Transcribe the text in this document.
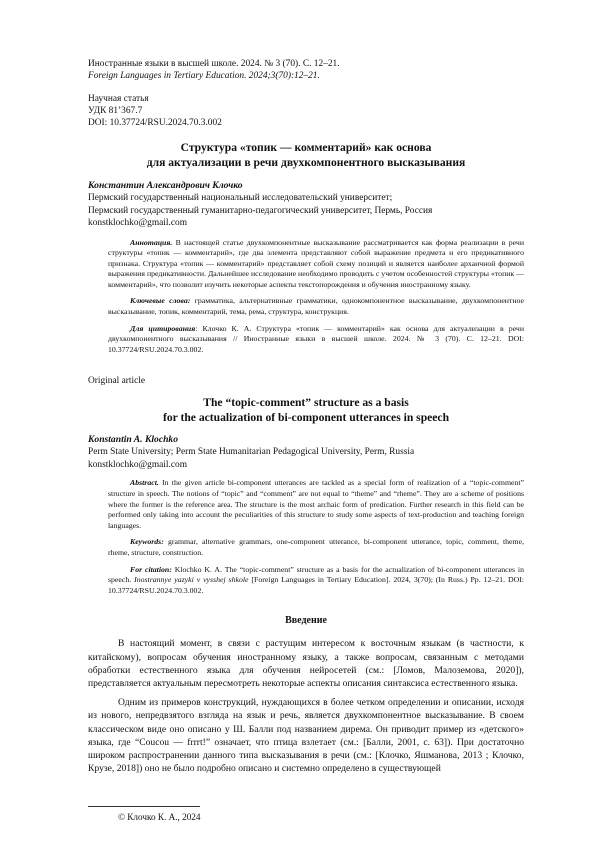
Иностранные языки в высшей школе. 2024. № 3 (70). С. 12–21.
Foreign Languages in Tertiary Education. 2024;3(70):12–21.
Научная статья
УДК 81’367.7
DOI: 10.37724/RSU.2024.70.3.002
Структура «топик — комментарий» как основа
для актуализации в речи двухкомпонентного высказывания
Константин Александрович Клочко
Пермский государственный национальный исследовательский университет;
Пермский государственный гуманитарно-педагогический университет, Пермь, Россия
konstklochko@gmail.com
Аннотация. В настоящей статье двухкомпонентные высказывание рассматривается как форма реализации в речи структуры «топик — комментарий», где два элемента представляют собой выражение предмета и его предикативного признака. Структура «топик — комментарий» представляет собой схему позиций и является наиболее архаичной формой выражения предикативности. Дальнейшее исследование необходимо проводить с учетом особенностей структуры «топик — комментарий», что позволит изучить некоторые аспекты текстопорождения и обучения иностранному языку.
Ключевые слова: грамматика, альтернативные грамматики, однокомпонентное высказывание, двухкомпонентное высказывание, топик, комментарий, тема, рема, структура, конструкция.
Для цитирования: Клочко К. А. Структура «топик — комментарий» как основа для актуализации в речи двухкомпонентного высказывания // Иностранные языки в высшей школе. 2024. № 3 (70). С. 12–21. DOI: 10.37724/RSU.2024.70.3.002.
Original article
The “topic-comment” structure as a basis
for the actualization of bi-component utterances in speech
Konstantin A. Klochko
Perm State University; Perm State Humanitarian Pedagogical University, Perm, Russia
konstklochko@gmail.com
Abstract. In the given article bi-component utterances are tackled as a special form of realization of a “topic-comment” structure in speech. The notions of “topic” and “comment” are not equal to “theme” and “rheme”. They are a scheme of positions where the former is the reference area. The structure is the most archaic form of predication. Further research in this field can be performed only taking into account the peculiarities of this structure to study some aspects of text-production and teaching foreign languages.
Keywords: grammar, alternative grammars, one-component utterance, bi-component utterance, topic, comment, theme, rheme, structure, construction.
For citation: Klochko K. A. The “topic-comment” structure as a basis for the actualization of bi-component utterances in speech. Inostrannye yazyki v vysshej shkole [Foreign Languages in Tertiary Education]. 2024, 3(70); (In Russ.) Pp. 12–21. DOI: 10.37724/RSU.2024.70.3.002.
Введение
В настоящий момент, в связи с растущим интересом к восточным языкам (в частности, к китайскому), вопросам обучения иностранному языку, а также вопросам, связанным с методами обработки естественного языка для обучения нейросетей (см.: [Ломов, Малоземова, 2020]), представляется актуальным пересмотреть некоторые аспекты описания синтаксиса естественного языка.
Одним из примеров конструкций, нуждающихся в более четком определении и описании, исходя из нового, непредвзятого взгляда на язык и речь, является двухкомпонентное высказывание. В своем классическом виде оно описано у Ш. Балли под названием дирема. Он приводит пример из «детского» языка, где “Coucou — frrrt!” означает, что птица взлетает (см.: [Балли, 2001, с. 63]). При достаточно широком распространении данного типа высказывания в речи (см.: [Клочко, Яшманова, 2013 ; Клочко, Крузе, 2018]) оно не было подробно описано и системно определено в существующей
© Клочко К. А., 2024
